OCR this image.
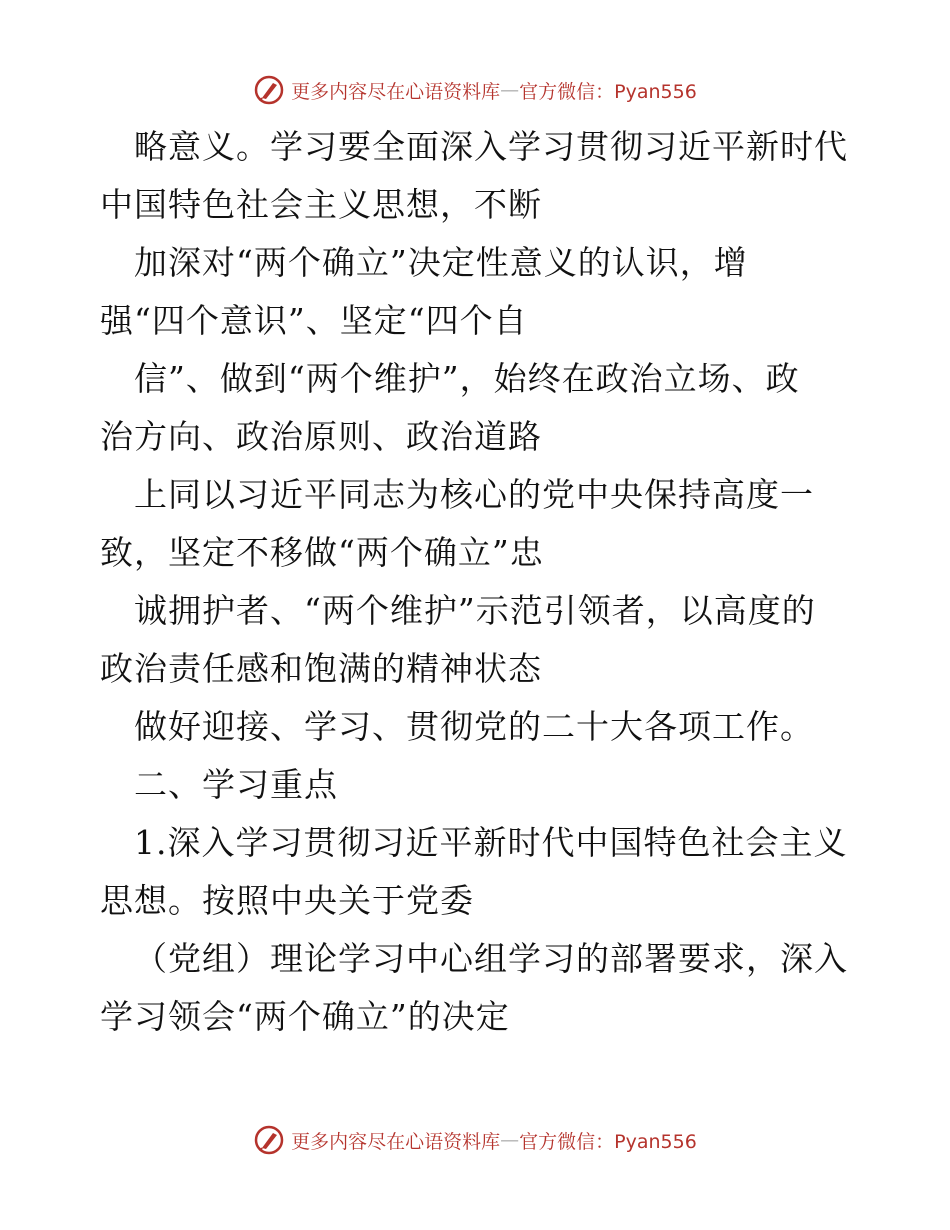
更多内容尽在心语资料库 — 官方微信：Pyan556
略意义。学习要全面深入学习贯彻习近平新时代
中国特色社会主义思想，不断
加深对“两个确立”决定性意义的认识，增
强“四个意识”、坚定“四个自
信”、做到“两个维护”，始终在政治立场、政
治方向、政治原则、政治道路
上同以习近平同志为核心的党中央保持高度一
致，坚定不移做“两个确立”忠
诚拥护者、“两个维护”示范引领者，以高度的
政治责任感和饱满的精神状态
做好迎接、学习、贯彻党的二十大各项工作。
二、学习重点
1.深入学习贯彻习近平新时代中国特色社会主义
思想。按照中央关于党委
（党组）理论学习中心组学习的部署要求，深入
学习领会“两个确立”的决定
更多内容尽在心语资料库 — 官方微信：Pyan556
